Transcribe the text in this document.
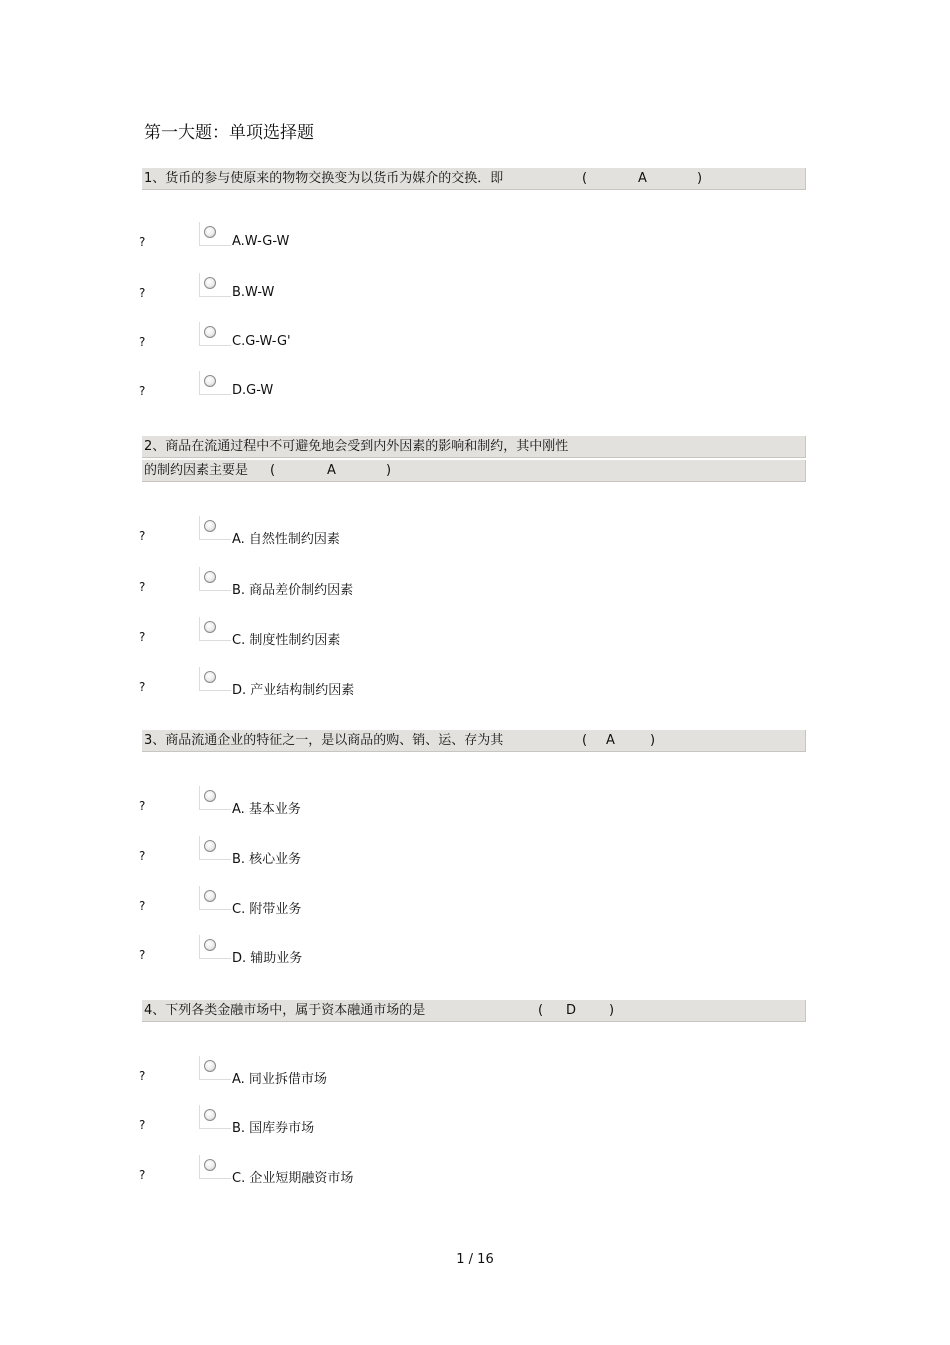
第一大题：单项选择题
1、货币的参与使原来的物物交换变为以货币为媒介的交换．即	(	A	)
?	A.W-G-W
?	B.W-W
?	C.G-W-G'
?	D.G-W
2、商品在流通过程中不可避免地会受到内外因素的影响和制约，其中刚性
的制约因素主要是 (	A	)
?	A. 自然性制约因素
?	B. 商品差价制约因素
?	C. 制度性制约因素
?	D. 产业结构制约因素
3、商品流通企业的特征之一，是以商品的购、销、运、存为其	( A	)
?	A. 基本业务
?	B. 核心业务
?	C. 附带业务
?	D. 辅助业务
4、下列各类金融市场中，属于资本融通市场的是	( D	)
?	A. 同业拆借市场
?	B. 国库券市场
?	C. 企业短期融资市场
1 / 16
